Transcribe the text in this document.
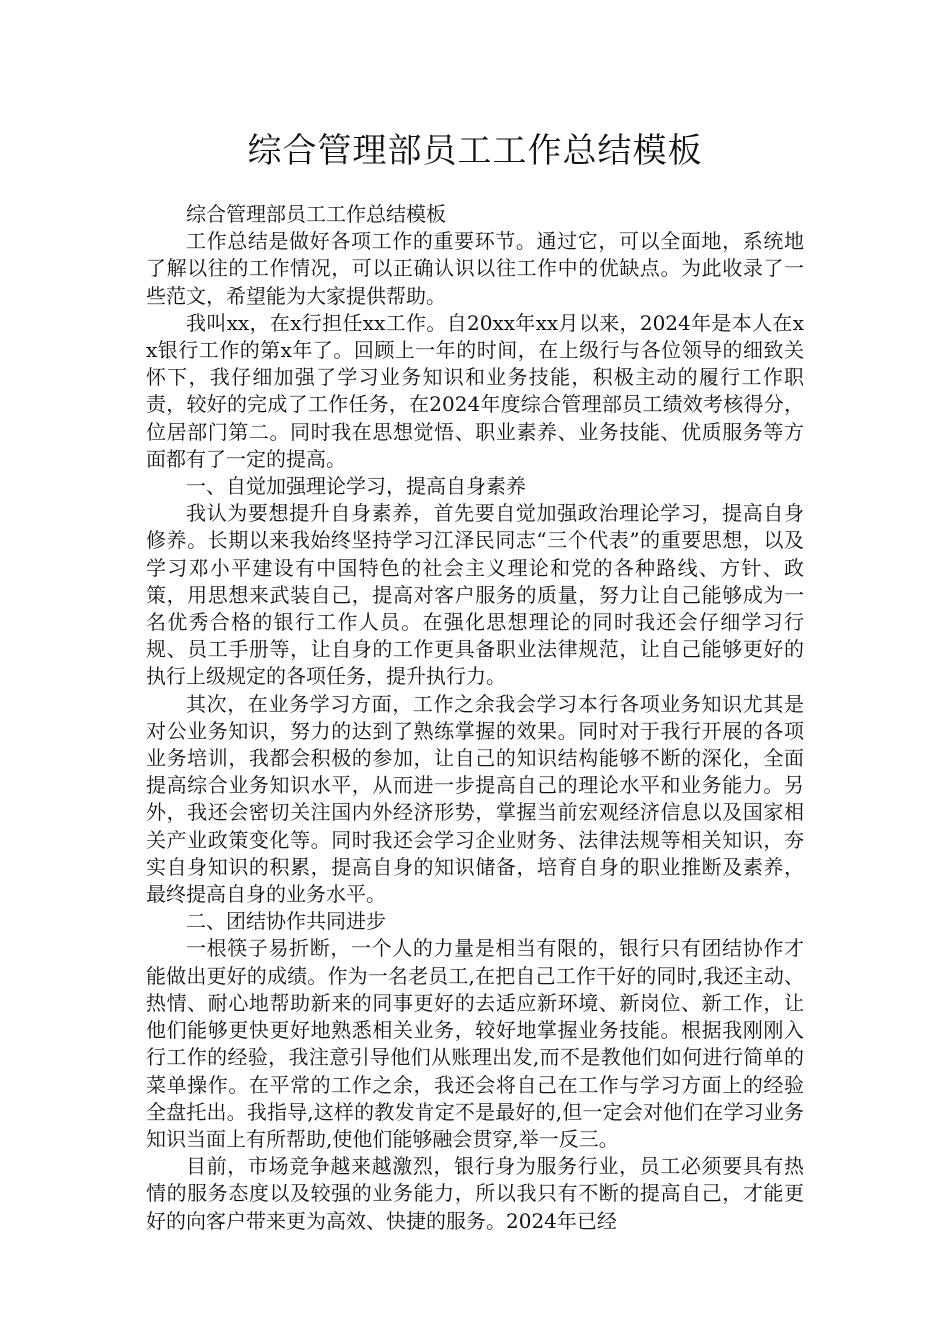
综合管理部员工工作总结模板

综合管理部员工工作总结模板

工作总结是做好各项工作的重要环节。通过它，可以全面地，系统地了解以往的工作情况，可以正确认识以往工作中的优缺点。为此收录了一些范文，希望能为大家提供帮助。

我叫xx，在x行担任xx工作。自20xx年xx月以来，2024年是本人在xx银行工作的第x年了。回顾上一年的时间，在上级行与各位领导的细致关怀下，我仔细加强了学习业务知识和业务技能，积极主动的履行工作职责，较好的完成了工作任务，在2024年度综合管理部员工绩效考核得分，位居部门第二。同时我在思想觉悟、职业素养、业务技能、优质服务等方面都有了一定的提高。

一、自觉加强理论学习，提高自身素养

我认为要想提升自身素养，首先要自觉加强政治理论学习，提高自身修养。长期以来我始终坚持学习江泽民同志“三个代表”的重要思想，以及学习邓小平建设有中国特色的社会主义理论和党的各种路线、方针、政策，用思想来武装自己，提高对客户服务的质量，努力让自己能够成为一名优秀合格的银行工作人员。在强化思想理论的同时我还会仔细学习行规、员工手册等，让自身的工作更具备职业法律规范，让自己能够更好的执行上级规定的各项任务，提升执行力。

其次，在业务学习方面，工作之余我会学习本行各项业务知识尤其是对公业务知识，努力的达到了熟练掌握的效果。同时对于我行开展的各项业务培训，我都会积极的参加，让自己的知识结构能够不断的深化，全面提高综合业务知识水平，从而进一步提高自己的理论水平和业务能力。另外，我还会密切关注国内外经济形势，掌握当前宏观经济信息以及国家相关产业政策变化等。同时我还会学习企业财务、法律法规等相关知识，夯实自身知识的积累，提高自身的知识储备，培育自身的职业推断及素养，最终提高自身的业务水平。

二、团结协作共同进步

一根筷子易折断，一个人的力量是相当有限的，银行只有团结协作才能做出更好的成绩。作为一名老员工,在把自己工作干好的同时,我还主动、热情、耐心地帮助新来的同事更好的去适应新环境、新岗位、新工作，让他们能够更快更好地熟悉相关业务，较好地掌握业务技能。根据我刚刚入行工作的经验，我注意引导他们从账理出发,而不是教他们如何进行简单的菜单操作。在平常的工作之余，我还会将自己在工作与学习方面上的经验全盘托出。我指导,这样的教发肯定不是最好的,但一定会对他们在学习业务知识当面上有所帮助,使他们能够融会贯穿,举一反三。

目前，市场竞争越来越激烈，银行身为服务行业，员工必须要具有热情的服务态度以及较强的业务能力，所以我只有不断的提高自己，才能更好的向客户带来更为高效、快捷的服务。2024年已经
